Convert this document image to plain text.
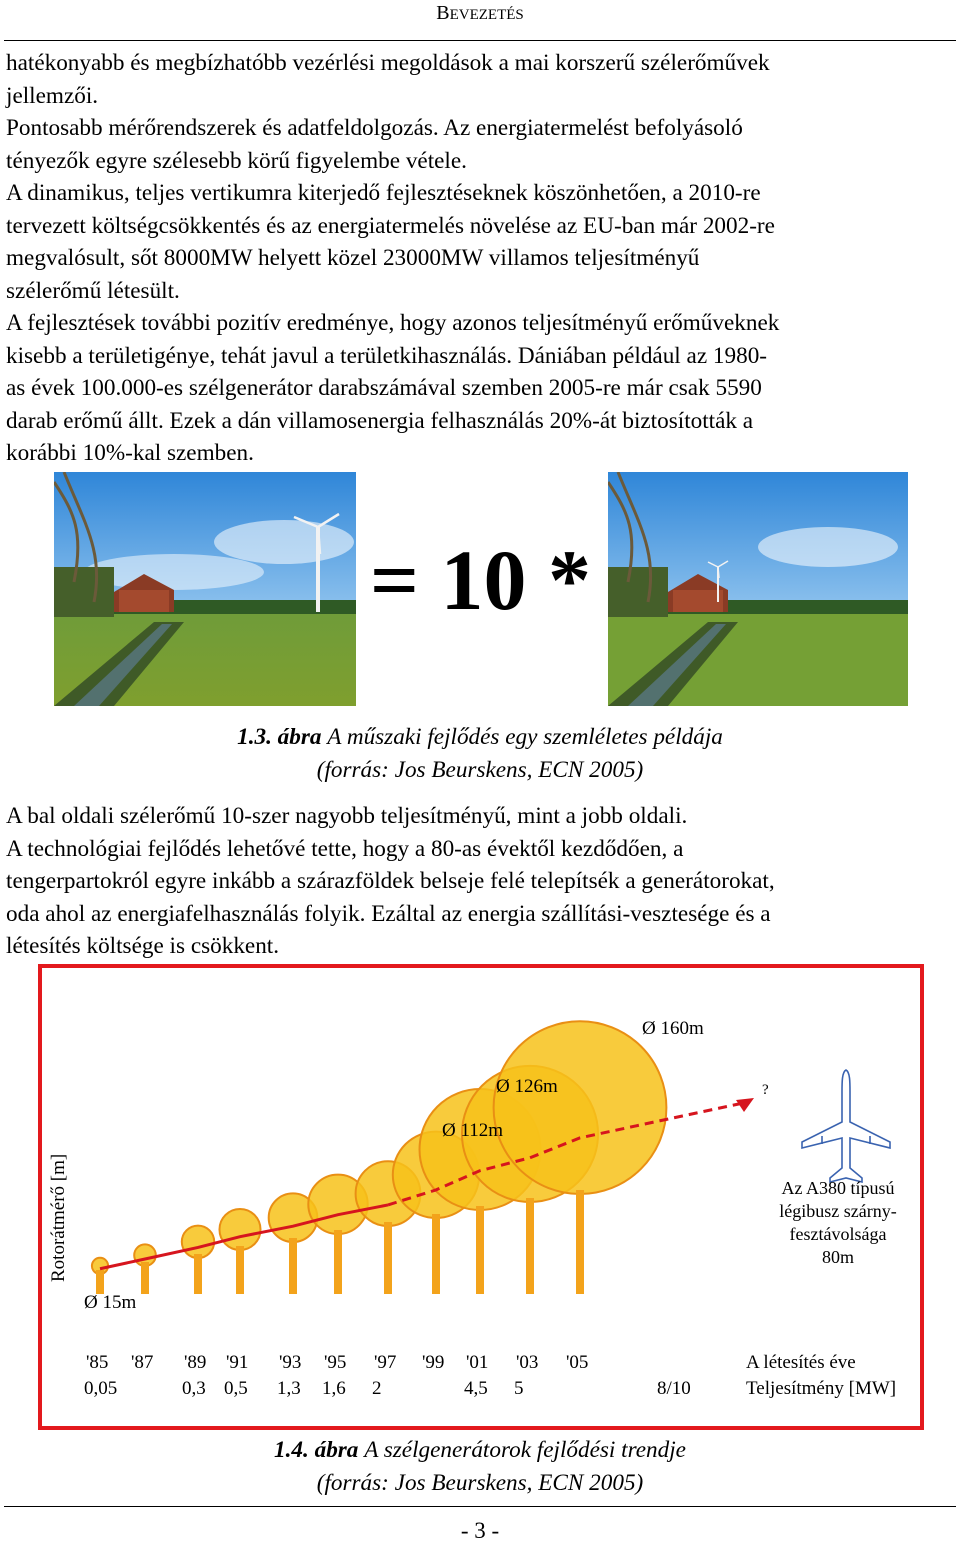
BEVEZETÉS
hatékonyabb és megbízhatóbb vezérlési megoldások a mai korszerű szélerőművek
jellemzői.
Pontosabb mérőrendszerek és adatfeldolgozás. Az energiatermelést befolyásoló
tényezők egyre szélesebb körű figyelembe vétele.
A dinamikus, teljes vertikumra kiterjedő fejlesztéseknek köszönhetően, a 2010-re
tervezett költségcsökkentés és az energiatermelés növelése az EU-ban már 2002-re
megvalósult, sőt 8000MW helyett közel 23000MW villamos teljesítményű
szélerőmű létesült.
A fejlesztések további pozitív eredménye, hogy azonos teljesítményű erőműveknek
kisebb a területigénye, tehát javul a területkihasználás. Dániában például az 1980-
as évek 100.000-es szélgenerátor darabszámával szemben 2005-re már csak 5590
darab erőmű állt. Ezek a dán villamosenergia felhasználás 20%-át biztosították a
korábbi 10%-kal szemben.
= 10 *
1.3. ábra A műszaki fejlődés egy szemléletes példája
(forrás: Jos Beurskens, ECN 2005)
A bal oldali szélerőmű 10-szer nagyobb teljesítményű, mint a jobb oldali.
A technológiai fejlődés lehetővé tette, hogy a 80-as évektől kezdődően, a
tengerpartokról egyre inkább a szárazföldek belseje felé telepítsék a generátorokat,
oda ahol az energiafelhasználás folyik. Ezáltal az energia szállítási-vesztesége és a
létesítés költsége is csökkent.
Rotorátmérő [m]
'85 '87 '89 '91 '93 '95 '97 '99 '01 '03 '05
0,05	0,3 0,5 1,3 1,6 2	4,5 5	8/10
A létesítés éve
Teljesítmény [MW]
Ø 15m
Ø 112m
Ø 126m
Ø 160m
Az A380 típusú
légibusz szárny-
fesztávolsága
80m
?
1.4. ábra A szélgenerátorok fejlődési trendje
(forrás: Jos Beurskens, ECN 2005)
- 3 -
